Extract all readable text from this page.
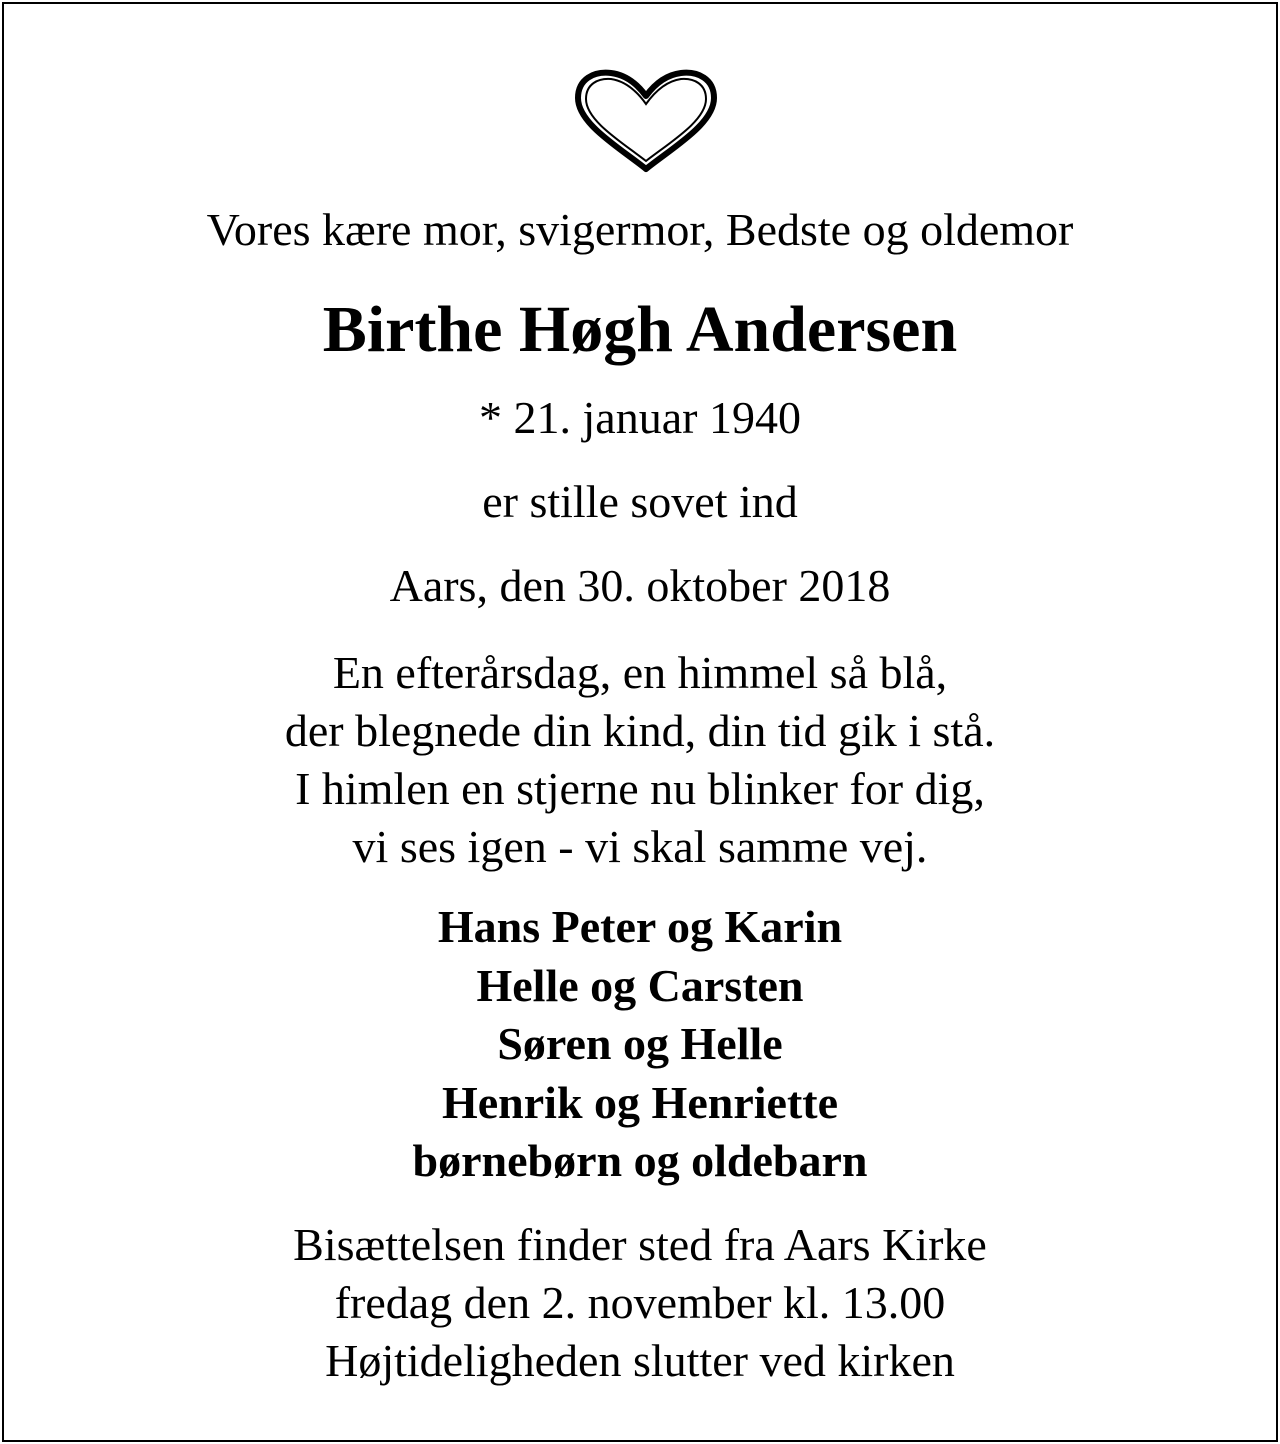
Vores kære mor, svigermor, Bedste og oldemor
Birthe Høgh Andersen
* 21. januar 1940
er stille sovet ind
Aars, den 30. oktober 2018
En efterårsdag, en himmel så blå,
der blegnede din kind, din tid gik i stå.
I himlen en stjerne nu blinker for dig,
vi ses igen - vi skal samme vej.
Hans Peter og Karin
Helle og Carsten
Søren og Helle
Henrik og Henriette
børnebørn og oldebarn
Bisættelsen finder sted fra Aars Kirke
fredag den 2. november kl. 13.00
Højtideligheden slutter ved kirken
